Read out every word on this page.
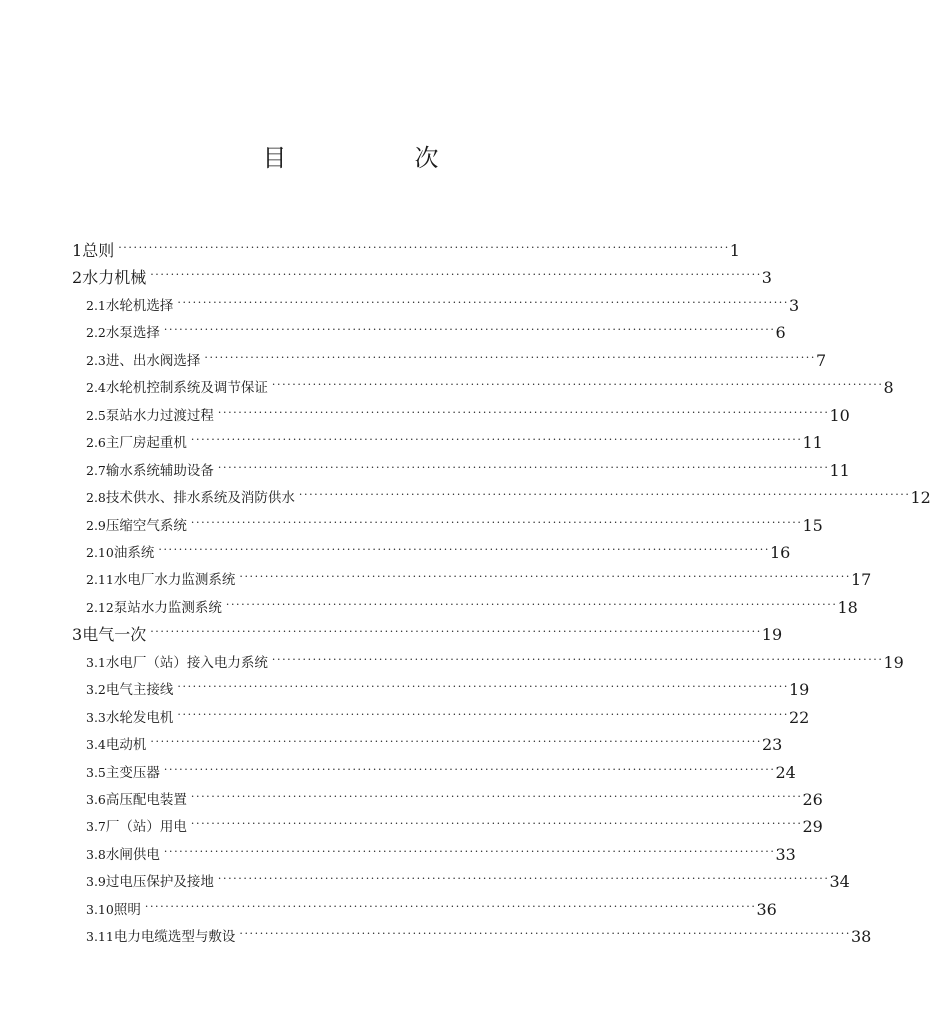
目　次
1 总则 ························································································································ 1
2 水力机械 ························································································································ 3
2.1 水轮机选择 ························································································································ 3
2.2 水泵选择 ························································································································ 6
2.3 进、出水阀选择 ························································································································ 7
2.4 水轮机控制系统及调节保证 ························································································································ 8
2.5 泵站水力过渡过程 ························································································································ 10
2.6 主厂房起重机 ························································································································ 11
2.7 输水系统辅助设备 ························································································································ 11
2.8 技术供水、排水系统及消防供水 ························································································································ 12
2.9 压缩空气系统 ························································································································ 15
2.10 油系统 ························································································································ 16
2.11 水电厂水力监测系统 ························································································································ 17
2.12 泵站水力监测系统 ························································································································ 18
3 电气一次 ························································································································ 19
3.1 水电厂（站）接入电力系统 ························································································································ 19
3.2 电气主接线 ························································································································ 19
3.3 水轮发电机 ························································································································ 22
3.4 电动机 ························································································································ 23
3.5 主变压器 ························································································································ 24
3.6 高压配电装置 ························································································································ 26
3.7 厂（站）用电 ························································································································ 29
3.8 水闸供电 ························································································································ 33
3.9 过电压保护及接地 ························································································································ 34
3.10 照明 ························································································································ 36
3.11 电力电缆选型与敷设 ························································································································ 38
